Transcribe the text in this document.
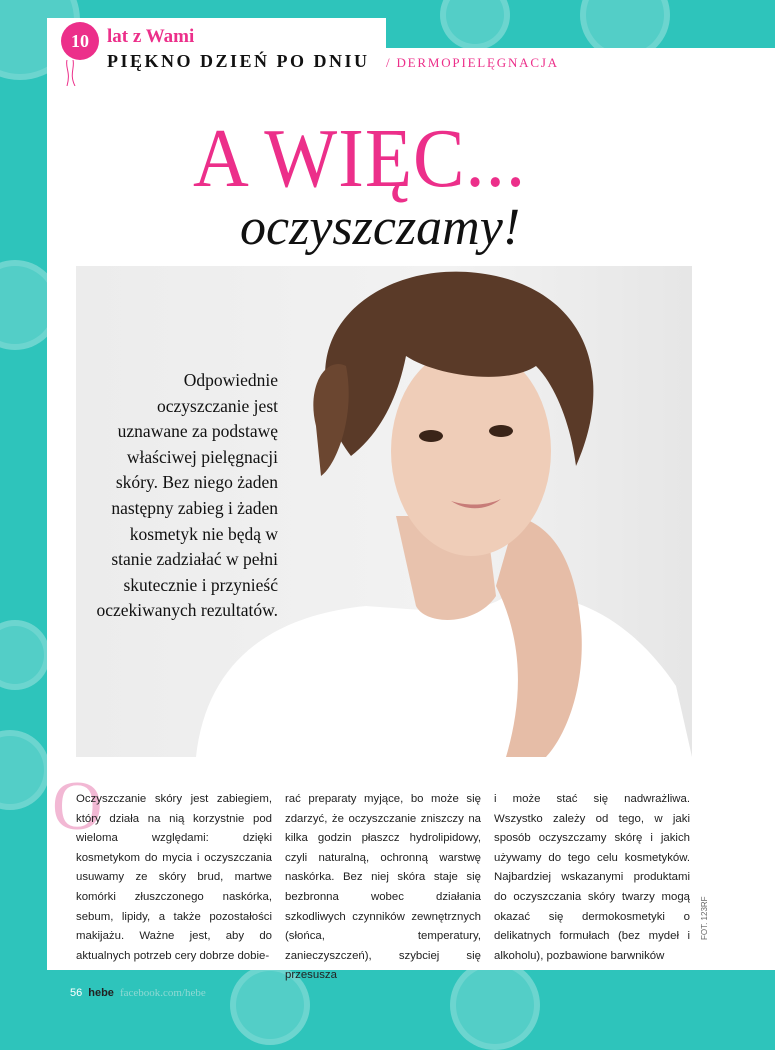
10 lat z Wami
PIĘKNO DZIEŃ PO DNIU / DERMOPIELĘGNACJA
A WIĘC...
oczyszczamy!
Odpowiednie oczyszczanie jest uznawane za podstawę właściwej pielęgnacji skóry. Bez niego żaden następny zabieg i żaden kosmetyk nie będą w stanie zadziałać w pełni skutecznie i przynieść oczekiwanych rezultatów.
O
Oczyszczanie skóry jest zabiegiem, który działa na nią korzystnie pod wieloma względami: dzięki kosmetykom do mycia i oczyszczania usuwamy ze skóry brud, martwe komórki złuszczonego naskórka, sebum, lipidy, a także pozostałości makijażu. Ważne jest, aby do aktualnych potrzeb cery dobrze dobie-
rać preparaty myjące, bo może się zdarzyć, że oczyszczanie zniszczy na kilka godzin płaszcz hydrolipidowy, czyli naturalną, ochronną warstwę naskórka. Bez niej skóra staje się bezbronna wobec działania szkodliwych czynników zewnętrznych (słońca, temperatury, zanieczyszczeń), szybciej się przesusza
i może stać się nadwrażliwa. Wszystko zależy od tego, w jaki sposób oczyszczamy skórę i jakich używamy do tego celu kosmetyków. Najbardziej wskazanymi produktami do oczyszczania skóry twarzy mogą okazać się dermokosmetyki o delikatnych formułach (bez mydeł i alkoholu), pozbawione barwników
FOT. 123RF
56 hebe facebook.com/hebe
